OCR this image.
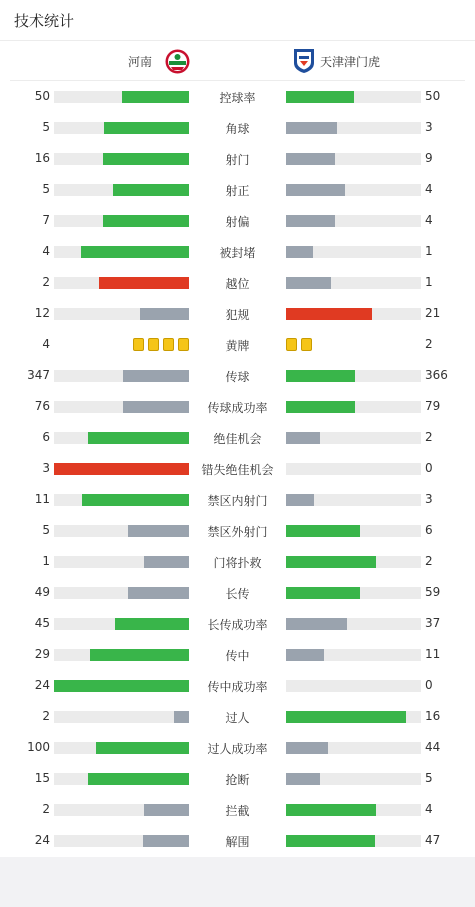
技术统计
河南	天津津门虎
50	控球率	50
5	角球	3
16	射门	9
5	射正	4
7	射偏	4
4	被封堵	1
2	越位	1
12	犯规	21
4	黄牌	2
347	传球	366
76	传球成功率	79
6	绝佳机会	2
3	错失绝佳机会	0
11	禁区内射门	3
5	禁区外射门	6
1	门将扑救	2
49	长传	59
45	长传成功率	37
29	传中	11
24	传中成功率	0
2	过人	16
100	过人成功率	44
15	抢断	5
2	拦截	4
24	解围	47
